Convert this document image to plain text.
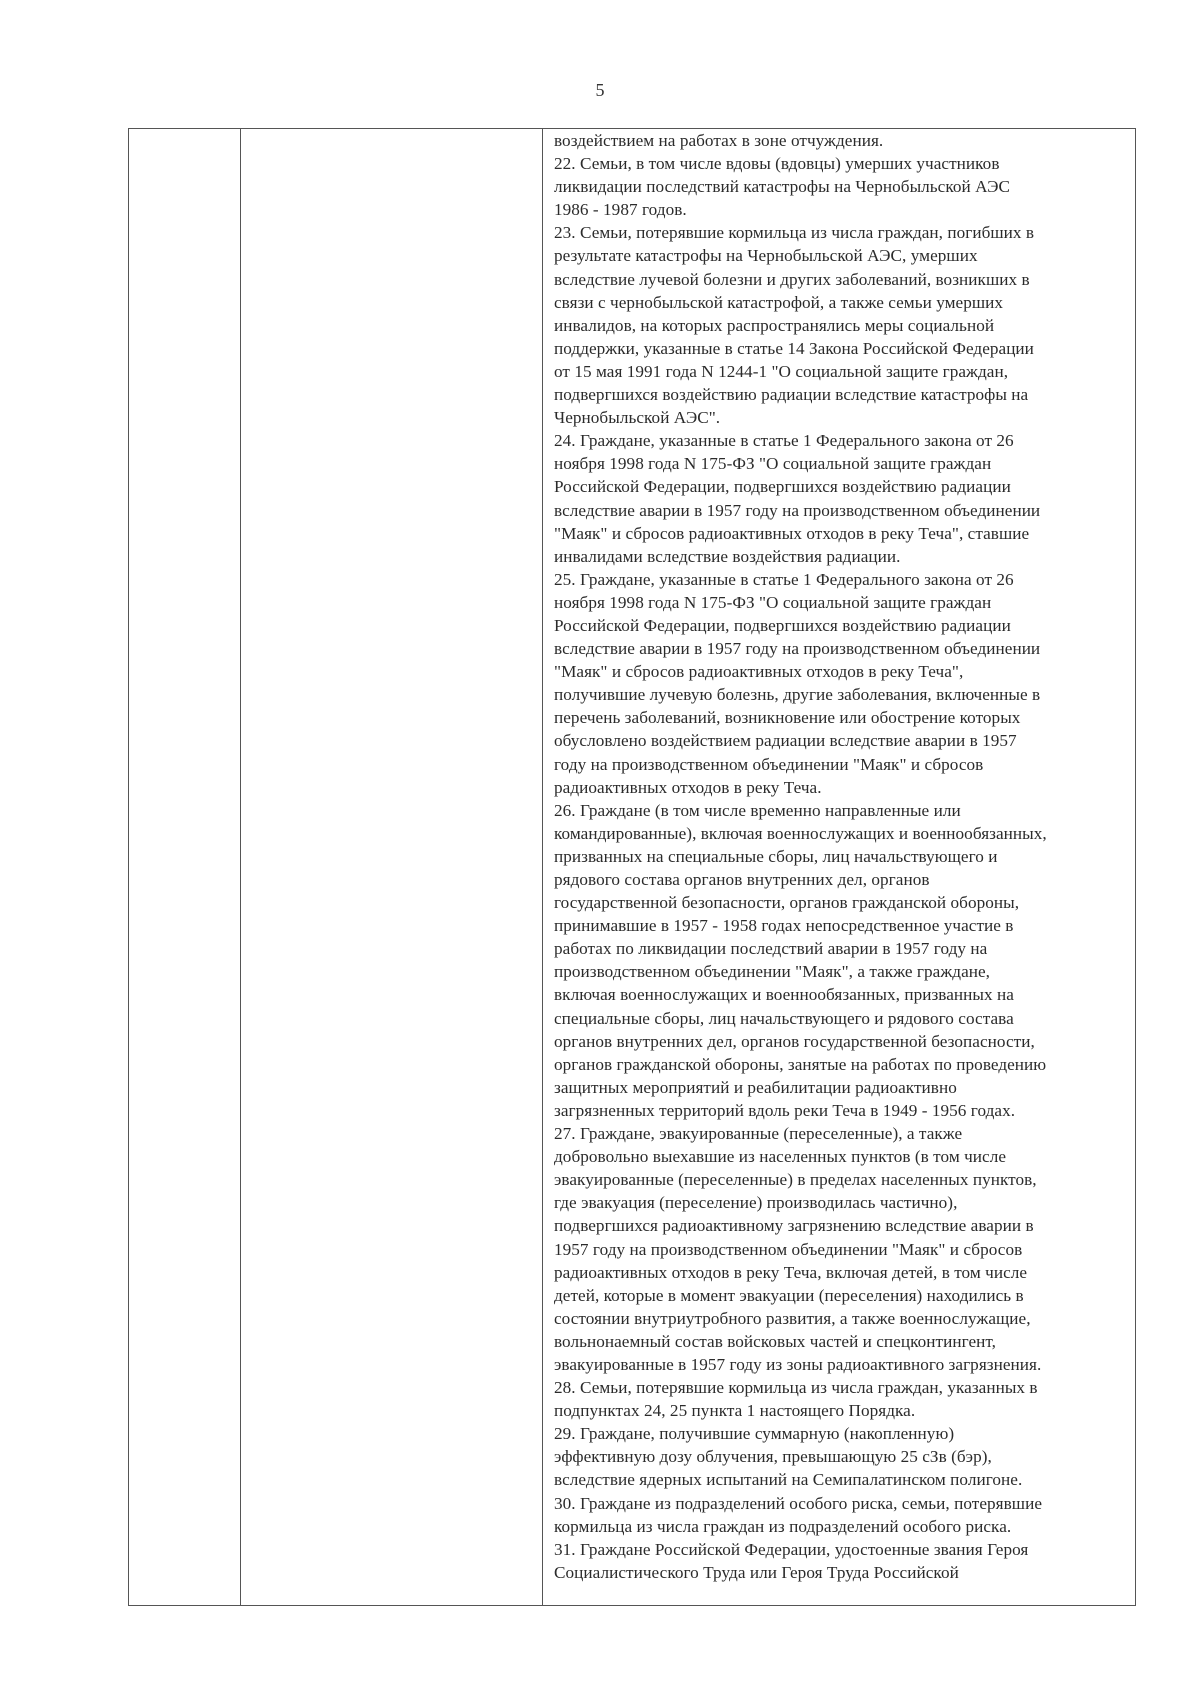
5

воздействием на работах в зоне отчуждения.

22. Семьи, в том числе вдовы (вдовцы) умерших участников

ликвидации последствий катастрофы на Чернобыльской АЭС

1986 - 1987 годов.

23. Семьи, потерявшие кормильца из числа граждан, погибших в

результате катастрофы на Чернобыльской АЭС, умерших

вследствие лучевой болезни и других заболеваний, возникших в

связи с чернобыльской катастрофой, а также семьи умерших

инвалидов, на которых распространялись меры социальной

поддержки, указанные в статье 14 Закона Российской Федерации

от 15 мая 1991 года N 1244-1 "О социальной защите граждан,

подвергшихся воздействию радиации вследствие катастрофы на

Чернобыльской АЭС".

24. Граждане, указанные в статье 1 Федерального закона от 26

ноября 1998 года N 175-ФЗ "О социальной защите граждан

Российской Федерации, подвергшихся воздействию радиации

вследствие аварии в 1957 году на производственном объединении

"Маяк" и сбросов радиоактивных отходов в реку Теча", ставшие

инвалидами вследствие воздействия радиации.

25. Граждане, указанные в статье 1 Федерального закона от 26

ноября 1998 года N 175-ФЗ "О социальной защите граждан

Российской Федерации, подвергшихся воздействию радиации

вследствие аварии в 1957 году на производственном объединении

"Маяк" и сбросов радиоактивных отходов в реку Теча",

получившие лучевую болезнь, другие заболевания, включенные в

перечень заболеваний, возникновение или обострение которых

обусловлено воздействием радиации вследствие аварии в 1957

году на производственном объединении "Маяк" и сбросов

радиоактивных отходов в реку Теча.

26. Граждане (в том числе временно направленные или

командированные), включая военнослужащих и военнообязанных,

призванных на специальные сборы, лиц начальствующего и

рядового состава органов внутренних дел, органов

государственной безопасности, органов гражданской обороны,

принимавшие в 1957 - 1958 годах непосредственное участие в

работах по ликвидации последствий аварии в 1957 году на

производственном объединении "Маяк", а также граждане,

включая военнослужащих и военнообязанных, призванных на

специальные сборы, лиц начальствующего и рядового состава

органов внутренних дел, органов государственной безопасности,

органов гражданской обороны, занятые на работах по проведению

защитных мероприятий и реабилитации радиоактивно

загрязненных территорий вдоль реки Теча в 1949 - 1956 годах.

27. Граждане, эвакуированные (переселенные), а также

добровольно выехавшие из населенных пунктов (в том числе

эвакуированные (переселенные) в пределах населенных пунктов,

где эвакуация (переселение) производилась частично),

подвергшихся радиоактивному загрязнению вследствие аварии в

1957 году на производственном объединении "Маяк" и сбросов

радиоактивных отходов в реку Теча, включая детей, в том числе

детей, которые в момент эвакуации (переселения) находились в

состоянии внутриутробного развития, а также военнослужащие,

вольнонаемный состав войсковых частей и спецконтингент,

эвакуированные в 1957 году из зоны радиоактивного загрязнения.

28. Семьи, потерявшие кормильца из числа граждан, указанных в

подпунктах 24, 25 пункта 1 настоящего Порядка.

29. Граждане, получившие суммарную (накопленную)

эффективную дозу облучения, превышающую 25 сЗв (бэр),

вследствие ядерных испытаний на Семипалатинском полигоне.

30. Граждане из подразделений особого риска, семьи, потерявшие

кормильца из числа граждан из подразделений особого риска.

31. Граждане Российской Федерации, удостоенные звания Героя

Социалистического Труда или Героя Труда Российской
